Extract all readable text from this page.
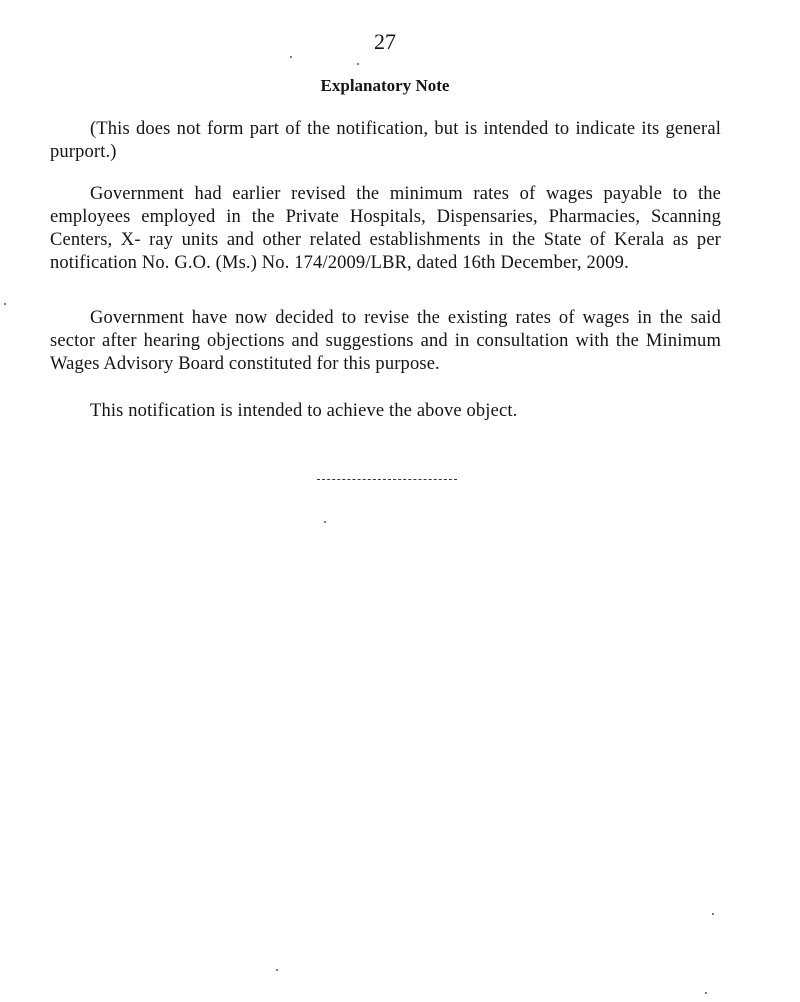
27
Explanatory Note

(This does not form part of the notification, but is intended to indicate its general purport.)

Government had earlier revised the minimum rates of wages payable to the employees employed in the Private Hospitals, Dispensaries, Pharmacies, Scanning Centers, X- ray units and other related establishments in the State of Kerala as per notification No. G.O. (Ms.) No. 174/2009/LBR, dated 16th December, 2009.

Government have now decided to revise the existing rates of wages in the said sector after hearing objections and suggestions and in consultation with the Minimum Wages Advisory Board constituted for this purpose.

This notification is intended to achieve the above object.
